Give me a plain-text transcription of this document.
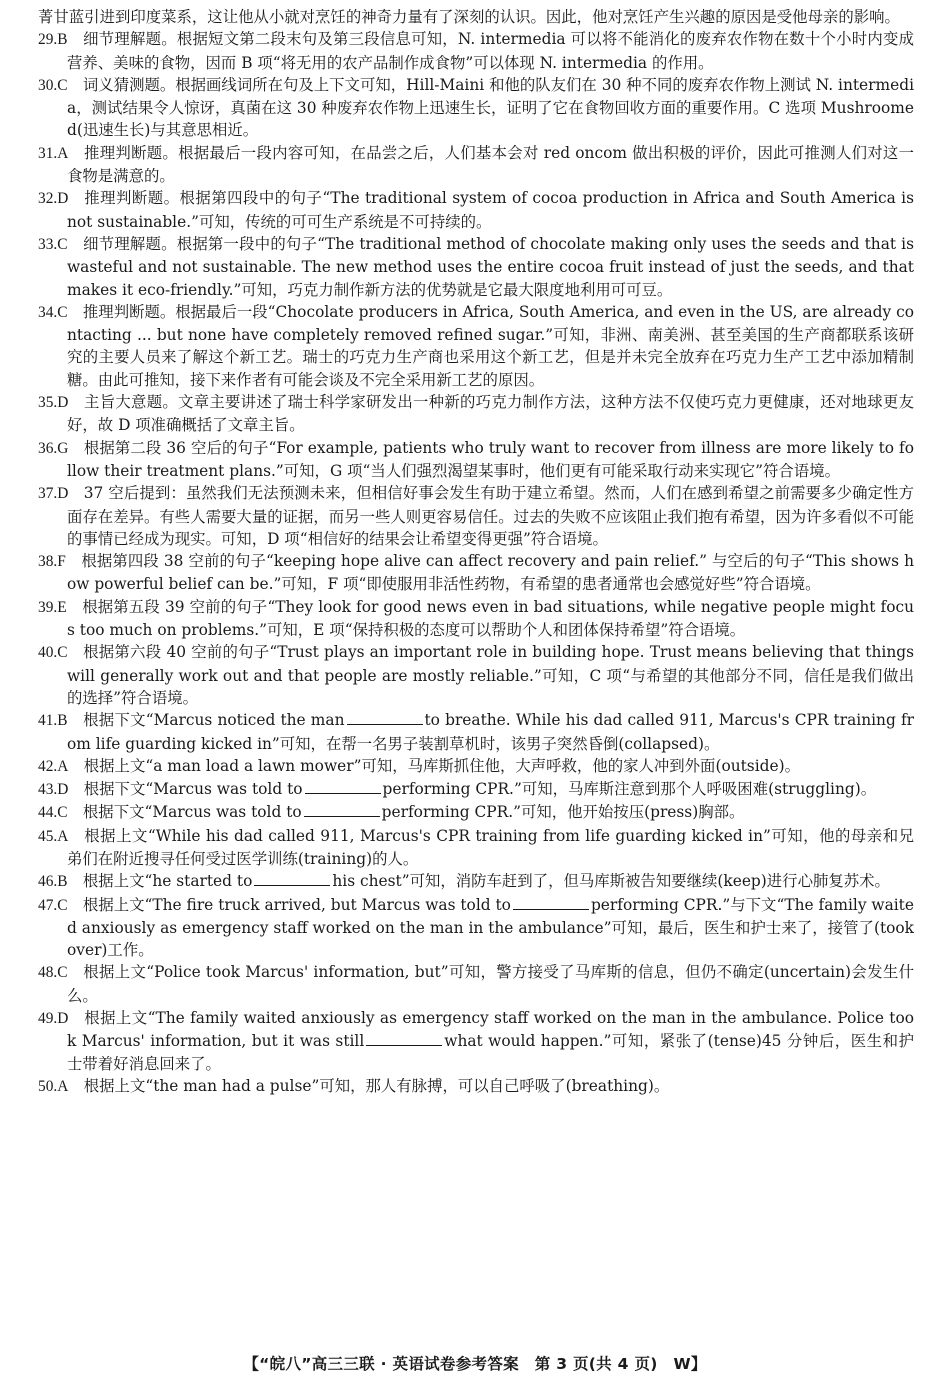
菁甘蓝引进到印度菜系，这让他从小就对烹饪的神奇力量有了深刻的认识。因此，他对烹饪产生兴趣的原因是受他母亲的影响。
29.B  细节理解题。根据短文第二段末句及第三段信息可知，N. intermedia 可以将不能消化的废弃农作物在数十个小时内变成营养、美味的食物，因而 B 项“将无用的农产品制作成食物”可以体现 N. intermedia 的作用。
30.C  词义猜测题。根据画线词所在句及上下文可知，Hill-Maini 和他的队友们在 30 种不同的废弃农作物上测试 N. intermedia，测试结果令人惊讶，真菌在这 30 种废弃农作物上迅速生长，证明了它在食物回收方面的重要作用。C 选项 Mushroomed(迅速生长)与其意思相近。
31.A  推理判断题。根据最后一段内容可知，在品尝之后，人们基本会对 red oncom 做出积极的评价，因此可推测人们对这一食物是满意的。
32.D  推理判断题。根据第四段中的句子“The traditional system of cocoa production in Africa and South America is not sustainable.”可知，传统的可可生产系统是不可持续的。
33.C  细节理解题。根据第一段中的句子“The traditional method of chocolate making only uses the seeds and that is wasteful and not sustainable. The new method uses the entire cocoa fruit instead of just the seeds, and that makes it eco-friendly.”可知，巧克力制作新方法的优势就是它最大限度地利用可可豆。
34.C  推理判断题。根据最后一段“Chocolate producers in Africa, South America, and even in the US, are already contacting ... but none have completely removed refined sugar.”可知，非洲、南美洲、甚至美国的生产商都联系该研究的主要人员来了解这个新工艺。瑞士的巧克力生产商也采用这个新工艺，但是并未完全放弃在巧克力生产工艺中添加精制糖。由此可推知，接下来作者有可能会谈及不完全采用新工艺的原因。
35.D  主旨大意题。文章主要讲述了瑞士科学家研发出一种新的巧克力制作方法，这种方法不仅使巧克力更健康，还对地球更友好，故 D 项准确概括了文章主旨。
36.G  根据第二段 36 空后的句子“For example, patients who truly want to recover from illness are more likely to follow their treatment plans.”可知，G 项“当人们强烈渴望某事时，他们更有可能采取行动来实现它”符合语境。
37.D  37 空后提到：虽然我们无法预测未来，但相信好事会发生有助于建立希望。然而，人们在感到希望之前需要多少确定性方面存在差异。有些人需要大量的证据，而另一些人则更容易信任。过去的失败不应该阻止我们抱有希望，因为许多看似不可能的事情已经成为现实。可知，D 项“相信好的结果会让希望变得更强”符合语境。
38.F  根据第四段 38 空前的句子“keeping hope alive can affect recovery and pain relief.” 与空后的句子“This shows how powerful belief can be.”可知，F 项“即使服用非活性药物，有希望的患者通常也会感觉好些”符合语境。
39.E  根据第五段 39 空前的句子“They look for good news even in bad situations, while negative people might focus too much on problems.”可知，E 项“保持积极的态度可以帮助个人和团体保持希望”符合语境。
40.C  根据第六段 40 空前的句子“Trust plays an important role in building hope. Trust means believing that things will generally work out and that people are mostly reliable.”可知，C 项“与希望的其他部分不同，信任是我们做出的选择”符合语境。
41.B  根据下文“Marcus noticed the man	to breathe. While his dad called 911, Marcus's CPR training from life guarding kicked in”可知，在帮一名男子装割草机时，该男子突然昏倒(collapsed)。
42.A  根据上文“a man load a lawn mower”可知，马库斯抓住他，大声呼救，他的家人冲到外面(outside)。
43.D  根据下文“Marcus was told to	performing CPR.”可知，马库斯注意到那个人呼吸困难(struggling)。
44.C  根据下文“Marcus was told to	performing CPR.”可知，他开始按压(press)胸部。
45.A  根据上文“While his dad called 911, Marcus's CPR training from life guarding kicked in”可知，他的母亲和兄弟们在附近搜寻任何受过医学训练(training)的人。
46.B  根据上文“he started to	his chest”可知，消防车赶到了，但马库斯被告知要继续(keep)进行心肺复苏术。
47.C  根据上文“The fire truck arrived, but Marcus was told to	performing CPR.”与下文“The family waited anxiously as emergency staff worked on the man in the ambulance”可知，最后，医生和护士来了，接管了(took over)工作。
48.C  根据上文“Police took Marcus' information, but”可知，警方接受了马库斯的信息，但仍不确定(uncertain)会发生什么。
49.D  根据上文“The family waited anxiously as emergency staff worked on the man in the ambulance. Police took Marcus' information, but it was still	what would happen.”可知，紧张了(tense)45 分钟后，医生和护士带着好消息回来了。
50.A  根据上文“the man had a pulse”可知，那人有脉搏，可以自己呼吸了(breathing)。
【“皖八”高三三联 · 英语试卷参考答案　第 3 页(共 4 页)　W】
